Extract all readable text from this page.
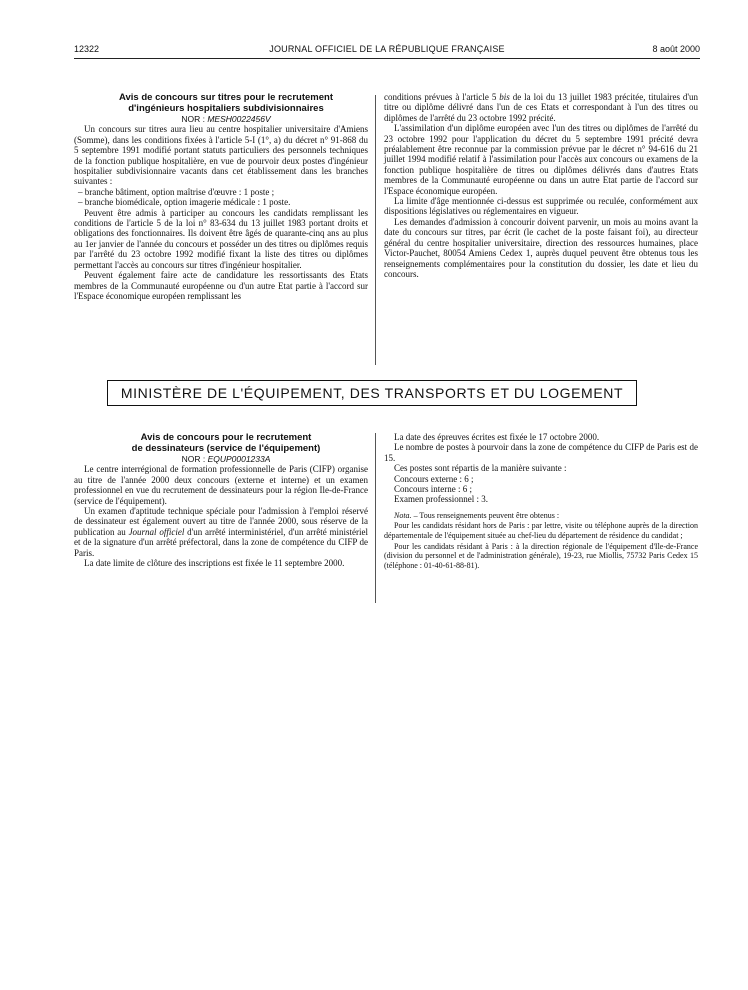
12322	JOURNAL OFFICIEL DE LA RÉPUBLIQUE FRANÇAISE	8 août 2000

Avis de concours sur titres pour le recrutement

d'ingénieurs hospitaliers subdivisionnaires

NOR : MESH0022456V

Un concours sur titres aura lieu au centre hospitalier universitaire d'Amiens (Somme), dans les conditions fixées à l'article 5-I (1°, a) du décret n° 91-868 du 5 septembre 1991 modifié portant statuts particuliers des personnels techniques de la fonction publique hospitalière, en vue de pourvoir deux postes d'ingénieur hospitalier subdivisionnaire vacants dans cet établissement dans les branches suivantes :

– branche bâtiment, option maîtrise d'œuvre : 1 poste ;

– branche biomédicale, option imagerie médicale : 1 poste.

Peuvent être admis à participer au concours les candidats remplissant les conditions de l'article 5 de la loi n° 83-634 du 13 juillet 1983 portant droits et obligations des fonctionnaires. Ils doivent être âgés de quarante-cinq ans au plus au 1er janvier de l'année du concours et posséder un des titres ou diplômes requis par l'arrêté du 23 octobre 1992 modifié fixant la liste des titres ou diplômes permettant l'accès au concours sur titres d'ingénieur hospitalier.

Peuvent également faire acte de candidature les ressortissants des Etats membres de la Communauté européenne ou d'un autre Etat partie à l'accord sur l'Espace économique européen remplissant les

conditions prévues à l'article 5 bis de la loi du 13 juillet 1983 précitée, titulaires d'un titre ou diplôme délivré dans l'un de ces Etats et correspondant à l'un des titres ou diplômes de l'arrêté du 23 octobre 1992 précité.

L'assimilation d'un diplôme européen avec l'un des titres ou diplômes de l'arrêté du 23 octobre 1992 pour l'application du décret du 5 septembre 1991 précité devra préalablement être reconnue par la commission prévue par le décret n° 94-616 du 21 juillet 1994 modifié relatif à l'assimilation pour l'accès aux concours ou examens de la fonction publique hospitalière de titres ou diplômes délivrés dans d'autres Etats membres de la Communauté européenne ou dans un autre Etat partie de l'accord sur l'Espace économique européen.

La limite d'âge mentionnée ci-dessus est supprimée ou reculée, conformément aux dispositions législatives ou réglementaires en vigueur.

Les demandes d'admission à concourir doivent parvenir, un mois au moins avant la date du concours sur titres, par écrit (le cachet de la poste faisant foi), au directeur général du centre hospitalier universitaire, direction des ressources humaines, place Victor-Pauchet, 80054 Amiens Cedex 1, auprès duquel peuvent être obtenus tous les renseignements complémentaires pour la constitution du dossier, les date et lieu du concours.

MINISTÈRE DE L'ÉQUIPEMENT, DES TRANSPORTS ET DU LOGEMENT

Avis de concours pour le recrutement

de dessinateurs (service de l'équipement)

NOR : EQUP0001233A

Le centre interrégional de formation professionnelle de Paris (CIFP) organise au titre de l'année 2000 deux concours (externe et interne) et un examen professionnel en vue du recrutement de dessinateurs pour la région Ile-de-France (service de l'équipement).

Un examen d'aptitude technique spéciale pour l'admission à l'emploi réservé de dessinateur est également ouvert au titre de l'année 2000, sous réserve de la publication au Journal officiel d'un arrêté interministériel, d'un arrêté ministériel et de la signature d'un arrêté préfectoral, dans la zone de compétence du CIFP de Paris.

La date limite de clôture des inscriptions est fixée le 11 septembre 2000.

La date des épreuves écrites est fixée le 17 octobre 2000.

Le nombre de postes à pourvoir dans la zone de compétence du CIFP de Paris est de 15.

Ces postes sont répartis de la manière suivante :

Concours externe : 6 ;

Concours interne : 6 ;

Examen professionnel : 3.

Nota. – Tous renseignements peuvent être obtenus :

Pour les candidats résidant hors de Paris : par lettre, visite ou téléphone auprès de la direction départementale de l'équipement située au chef-lieu du département de résidence du candidat ;

Pour les candidats résidant à Paris : à la direction régionale de l'équipement d'Ile-de-France (division du personnel et de l'administration générale), 19-23, rue Miollis, 75732 Paris Cedex 15 (téléphone : 01-40-61-88-81).
